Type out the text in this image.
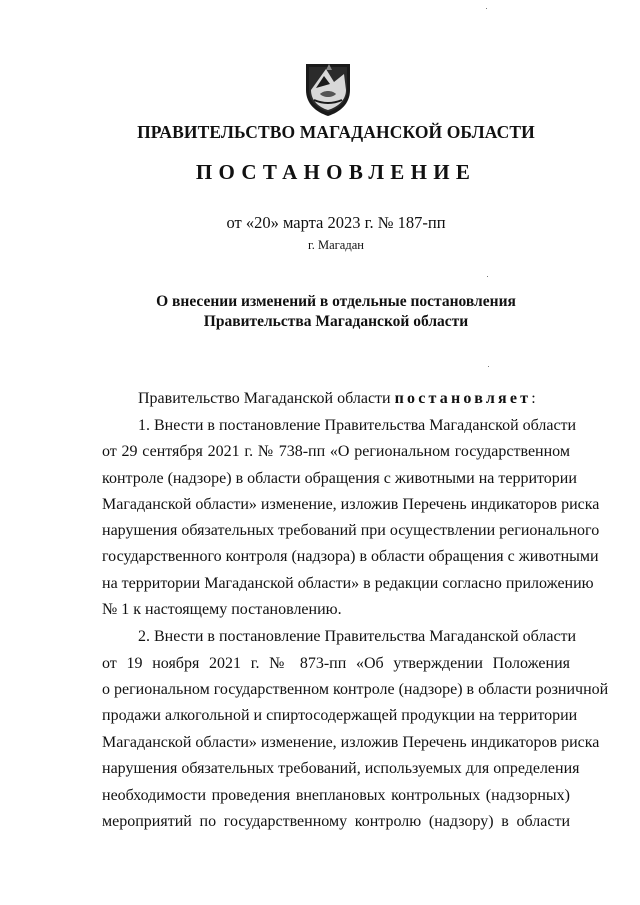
ПРАВИТЕЛЬСТВО МАГАДАНСКОЙ ОБЛАСТИ
ПОСТАНОВЛЕНИЕ
от «20» марта 2023 г. № 187-пп
г. Магадан
О внесении изменений в отдельные постановления
Правительства Магаданской области
Правительство Магаданской области постановляет:
1. Внести в постановление Правительства Магаданской области
от 29 сентября 2021 г. № 738-пп «О региональном государственном
контроле (надзоре) в области обращения с животными на территории
Магаданской области» изменение, изложив Перечень индикаторов риска
нарушения обязательных требований при осуществлении регионального
государственного контроля (надзора) в области обращения с животными
на территории Магаданской области» в редакции согласно приложению
№ 1 к настоящему постановлению.
2. Внести в постановление Правительства Магаданской области
от 19 ноября 2021 г. № 873-пп «Об утверждении Положения
о региональном государственном контроле (надзоре) в области розничной
продажи алкогольной и спиртосодержащей продукции на территории
Магаданской области» изменение, изложив Перечень индикаторов риска
нарушения обязательных требований, используемых для определения
необходимости проведения внеплановых контрольных (надзорных)
мероприятий по государственному контролю (надзору) в области
